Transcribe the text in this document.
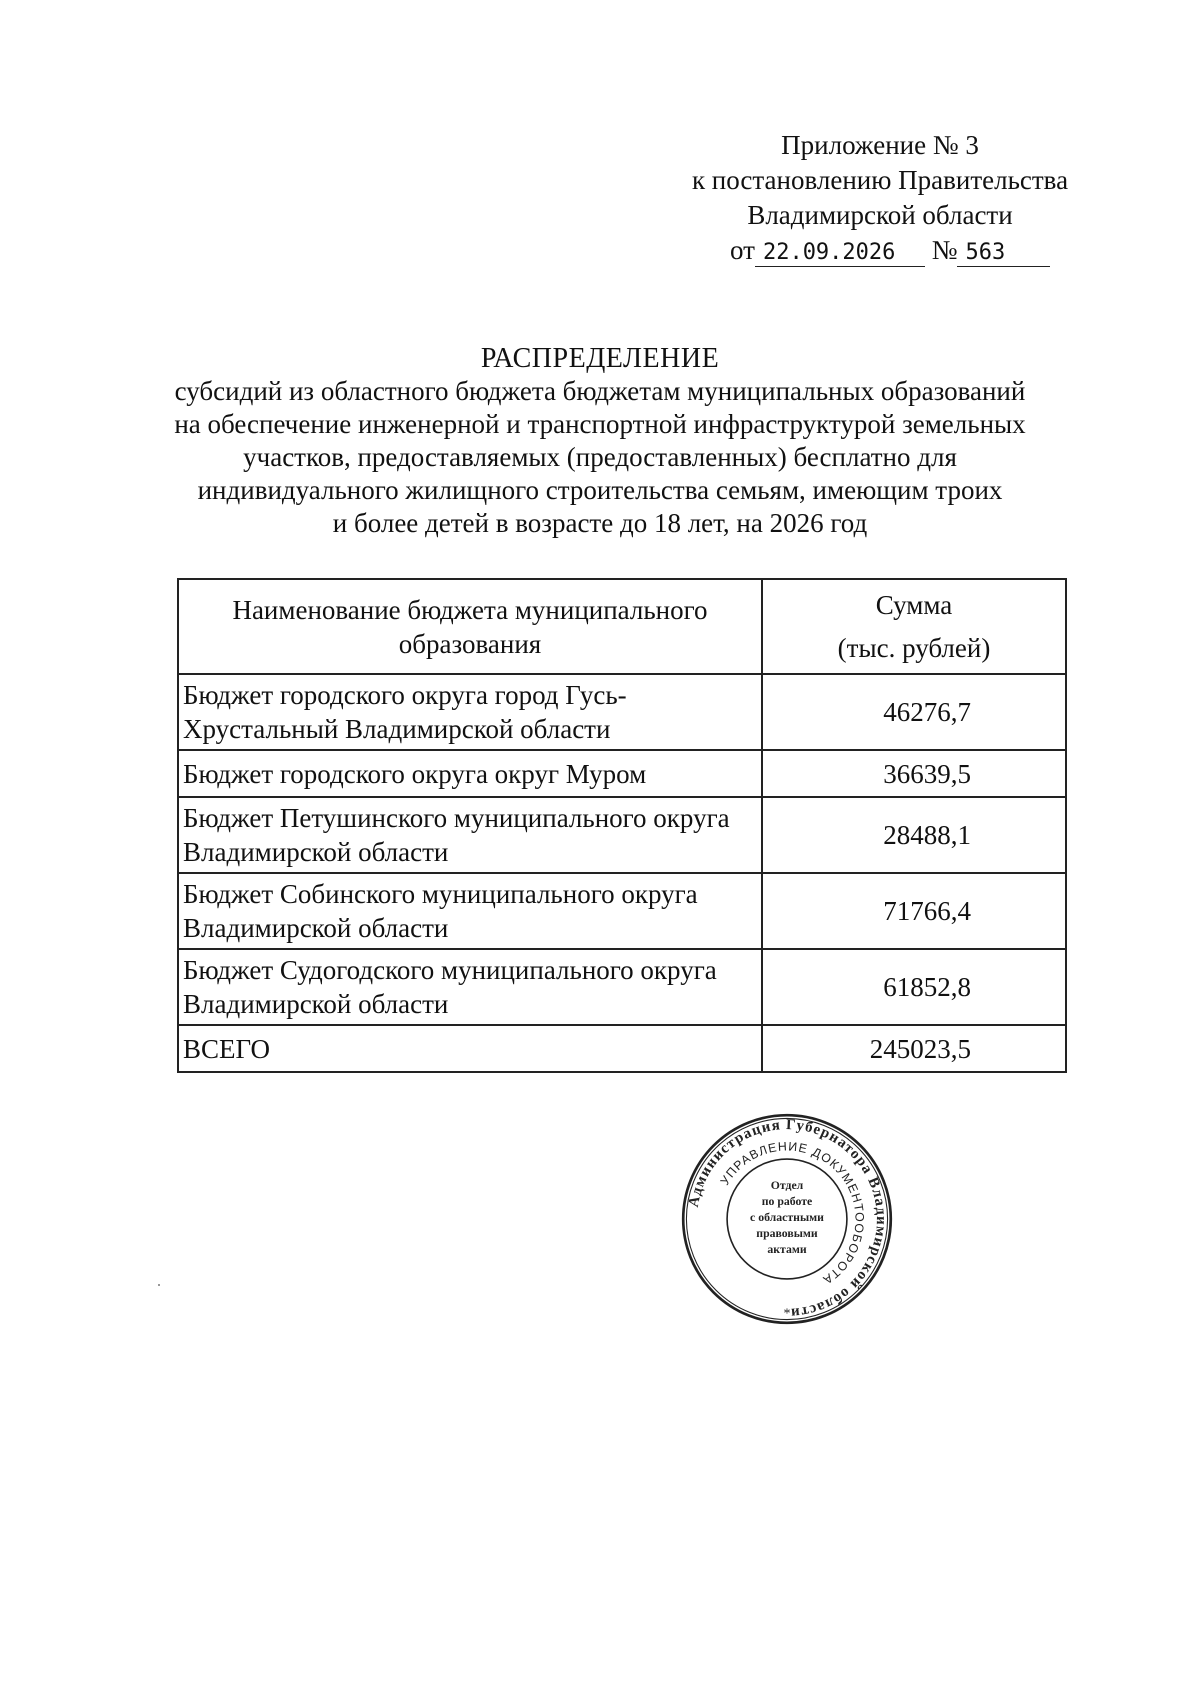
Приложение № 3
к постановлению Правительства
Владимирской области
от 22.09.2026 № 563
РАСПРЕДЕЛЕНИЕ
субсидий из областного бюджета бюджетам муниципальных образований
на обеспечение инженерной и транспортной инфраструктурой земельных
участков, предоставляемых (предоставленных) бесплатно для
индивидуального жилищного строительства семьям, имеющим троих
и более детей в возрасте до 18 лет, на 2026 год
Наименование бюджета муниципального образования	Сумма
(тыс. рублей)

Бюджет городского округа город Гусь-Хрустальный Владимирской области	46276,7
Бюджет городского округа округ Муром	36639,5
Бюджет Петушинского муниципального округа Владимирской области	28488,1
Бюджет Собинского муниципального округа Владимирской области	71766,4
Бюджет Судогодского муниципального округа Владимирской области	61852,8
ВСЕГО	245023,5
Администрация Губернатора Владимирской области
УПРАВЛЕНИЕ ДОКУМЕНТООБОРОТА
Отдел
по работе
с областными
правовыми
актами
*
